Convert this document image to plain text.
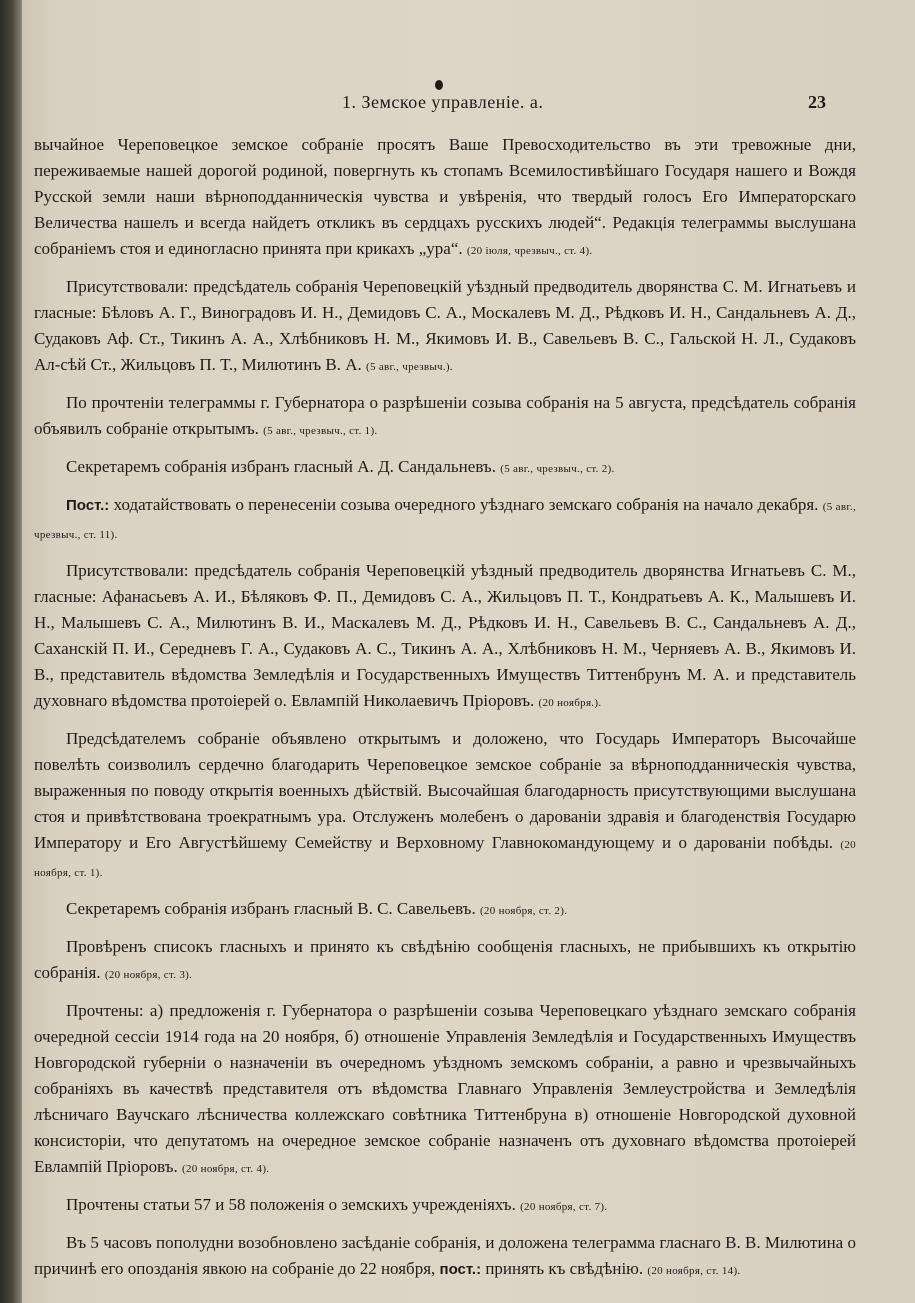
1. Земское управленіе. а.	23

вычайное Череповецкое земское собраніе просятъ Ваше Превосходительство въ эти тревожные дни, переживаемые нашей дорогой родиной, повергнуть къ стопамъ Всемилостивѣйшаго Государя нашего и Вождя Русской земли наши вѣрноподданническія чувства и увѣренія, что твердый голосъ Его Императорскаго Величества нашелъ и всегда найдетъ откликъ въ сердцахъ русскихъ людей“. Редакція телеграммы выслушана собраніемъ стоя и единогласно принята при крикахъ „ура“. (20 іюля, чрезвыч., ст. 4).

Присутствовали: предсѣдатель собранія Череповецкій уѣздный предводитель дворянства С. М. Игнатьевъ и гласные: Бѣловъ А. Г., Виноградовъ И. Н., Демидовъ С. А., Москалевъ М. Д., Рѣдковъ И. Н., Сандальневъ А. Д., Судаковъ Аф. Ст., Тикинъ А. А., Хлѣбниковъ Н. М., Якимовъ И. В., Савельевъ В. С., Гальской Н. Л., Судаковъ Ал-сѣй Ст., Жильцовъ П. Т., Милютинъ В. А. (5 авг., чрезвыч.).

По прочтеніи телеграммы г. Губернатора о разрѣшеніи созыва собранія на 5 августа, предсѣдатель собранія объявилъ собраніе открытымъ. (5 авг., чрезвыч., ст. 1).

Секретаремъ собранія избранъ гласный А. Д. Сандальневъ. (5 авг., чрезвыч., ст. 2).

Пост.: ходатайствовать о перенесеніи созыва очередного уѣзднаго земскаго собранія на начало декабря. (5 авг., чрезвыч., ст. 11).

Присутствовали: предсѣдатель собранія Череповецкій уѣздный предводитель дворянства Игнатьевъ С. М., гласные: Афанасьевъ А. И., Бѣляковъ Ф. П., Демидовъ С. А., Жильцовъ П. Т., Кондратьевъ А. К., Малышевъ И. Н., Малышевъ С. А., Милютинъ В. И., Маскалевъ М. Д., Рѣдковъ И. Н., Савельевъ В. С., Сандальневъ А. Д., Саханскій П. И., Середневъ Г. А., Судаковъ А. С., Тикинъ А. А., Хлѣбниковъ Н. М., Черняевъ А. В., Якимовъ И. В., представитель вѣдомства Земледѣлія и Государственныхъ Имуществъ Титтенбрунъ М. А. и представитель духовнаго вѣдомства протоіерей о. Евлампій Николаевичъ Пріоровъ. (20 ноября.).

Предсѣдателемъ собраніе объявлено открытымъ и доложено, что Государь Императоръ Высочайше повелѣть соизволилъ сердечно благодарить Череповецкое земское собраніе за вѣрноподданническія чувства, выраженныя по поводу открытія военныхъ дѣйствій. Высочайшая благодарность присутствующими выслушана стоя и привѣтствована троекратнымъ ура. Отслуженъ молебенъ о дарованіи здравія и благоденствія Государю Императору и Его Августѣйшему Семейству и Верховному Главнокомандующему и о дарованіи побѣды. (20 ноября, ст. 1).

Секретаремъ собранія избранъ гласный В. С. Савельевъ. (20 ноября, ст. 2).

Провѣренъ списокъ гласныхъ и принято къ свѣдѣнію сообщенія гласныхъ, не прибывшихъ къ открытію собранія. (20 ноября, ст. 3).

Прочтены: а) предложенія г. Губернатора о разрѣшеніи созыва Череповецкаго уѣзднаго земскаго собранія очередной сессіи 1914 года на 20 ноября, б) отношеніе Управленія Земледѣлія и Государственныхъ Имуществъ Новгородской губерніи о назначеніи въ очередномъ уѣздномъ земскомъ собраніи, а равно и чрезвычайныхъ собраніяхъ въ качествѣ представителя отъ вѣдомства Главнаго Управленія Землеустройства и Земледѣлія лѣсничаго Ваучскаго лѣсничества коллежскаго совѣтника Титтенбруна в) отношеніе Новгородской духовной консисторіи, что депутатомъ на очередное земское собраніе назначенъ отъ духовнаго вѣдомства протоіерей Евлампій Пріоровъ. (20 ноября, ст. 4).

Прочтены статьи 57 и 58 положенія о земскихъ учрежденіяхъ. (20 ноября, ст. 7).

Въ 5 часовъ пополудни возобновлено засѣданіе собранія, и доложена телеграмма гласнаго В. В. Милютина о причинѣ его опозданія явкою на собраніе до 22 ноября, пост.: принять къ свѣдѣнію. (20 ноября, ст. 14).
